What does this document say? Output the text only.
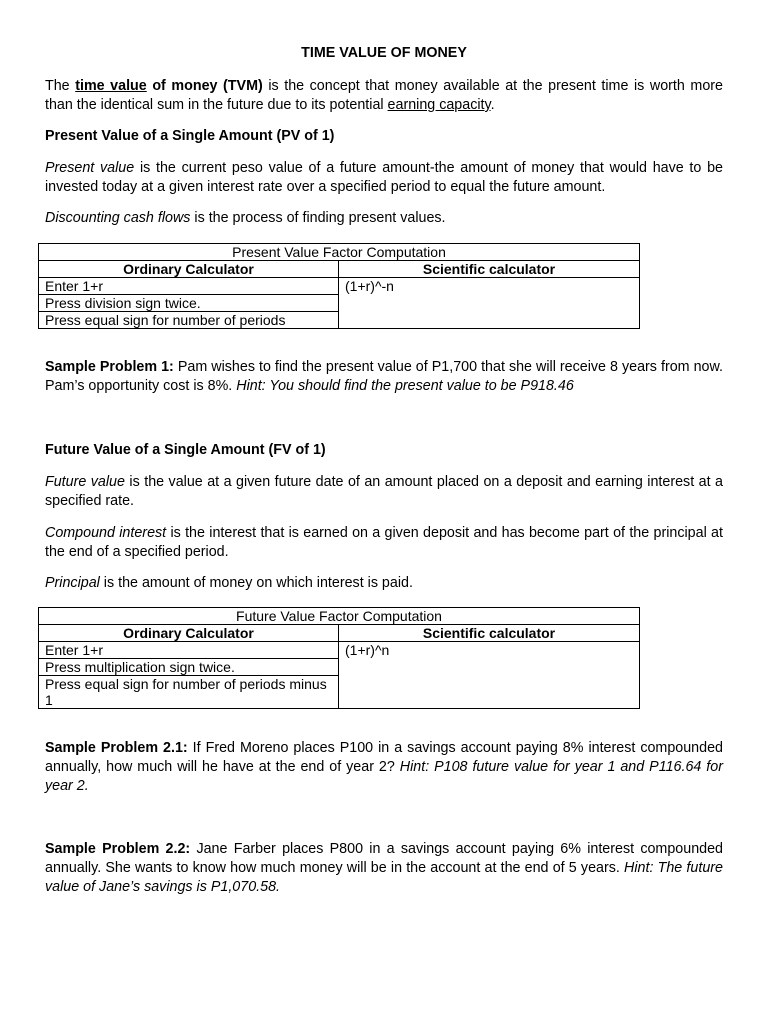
TIME VALUE OF MONEY

The time value of money (TVM) is the concept that money available at the present time is worth more than the identical sum in the future due to its potential earning capacity.

Present Value of a Single Amount (PV of 1)

Present value is the current peso value of a future amount-the amount of money that would have to be invested today at a given interest rate over a specified period to equal the future amount.

Discounting cash flows is the process of finding present values.

Present Value Factor Computation	
Ordinary Calculator	Scientific calculator
Enter 1+r	(1+r)^-n
Press division sign twice.	
Press equal sign for number of periods	

Sample Problem 1: Pam wishes to find the present value of P1,700 that she will receive 8 years from now. Pam’s opportunity cost is 8%. Hint: You should find the present value to be P918.46

Future Value of a Single Amount (FV of 1)

Future value is the value at a given future date of an amount placed on a deposit and earning interest at a specified rate.

Compound interest is the interest that is earned on a given deposit and has become part of the principal at the end of a specified period.

Principal is the amount of money on which interest is paid.

Future Value Factor Computation	
Ordinary Calculator	Scientific calculator
Enter 1+r	(1+r)^n
Press multiplication sign twice.	
Press equal sign for number of periods minus 1	

Sample Problem 2.1: If Fred Moreno places P100 in a savings account paying 8% interest compounded annually, how much will he have at the end of year 2? Hint: P108 future value for year 1 and P116.64 for year 2.

Sample Problem 2.2: Jane Farber places P800 in a savings account paying 6% interest compounded annually. She wants to know how much money will be in the account at the end of 5 years. Hint: The future value of Jane’s savings is P1,070.58.
